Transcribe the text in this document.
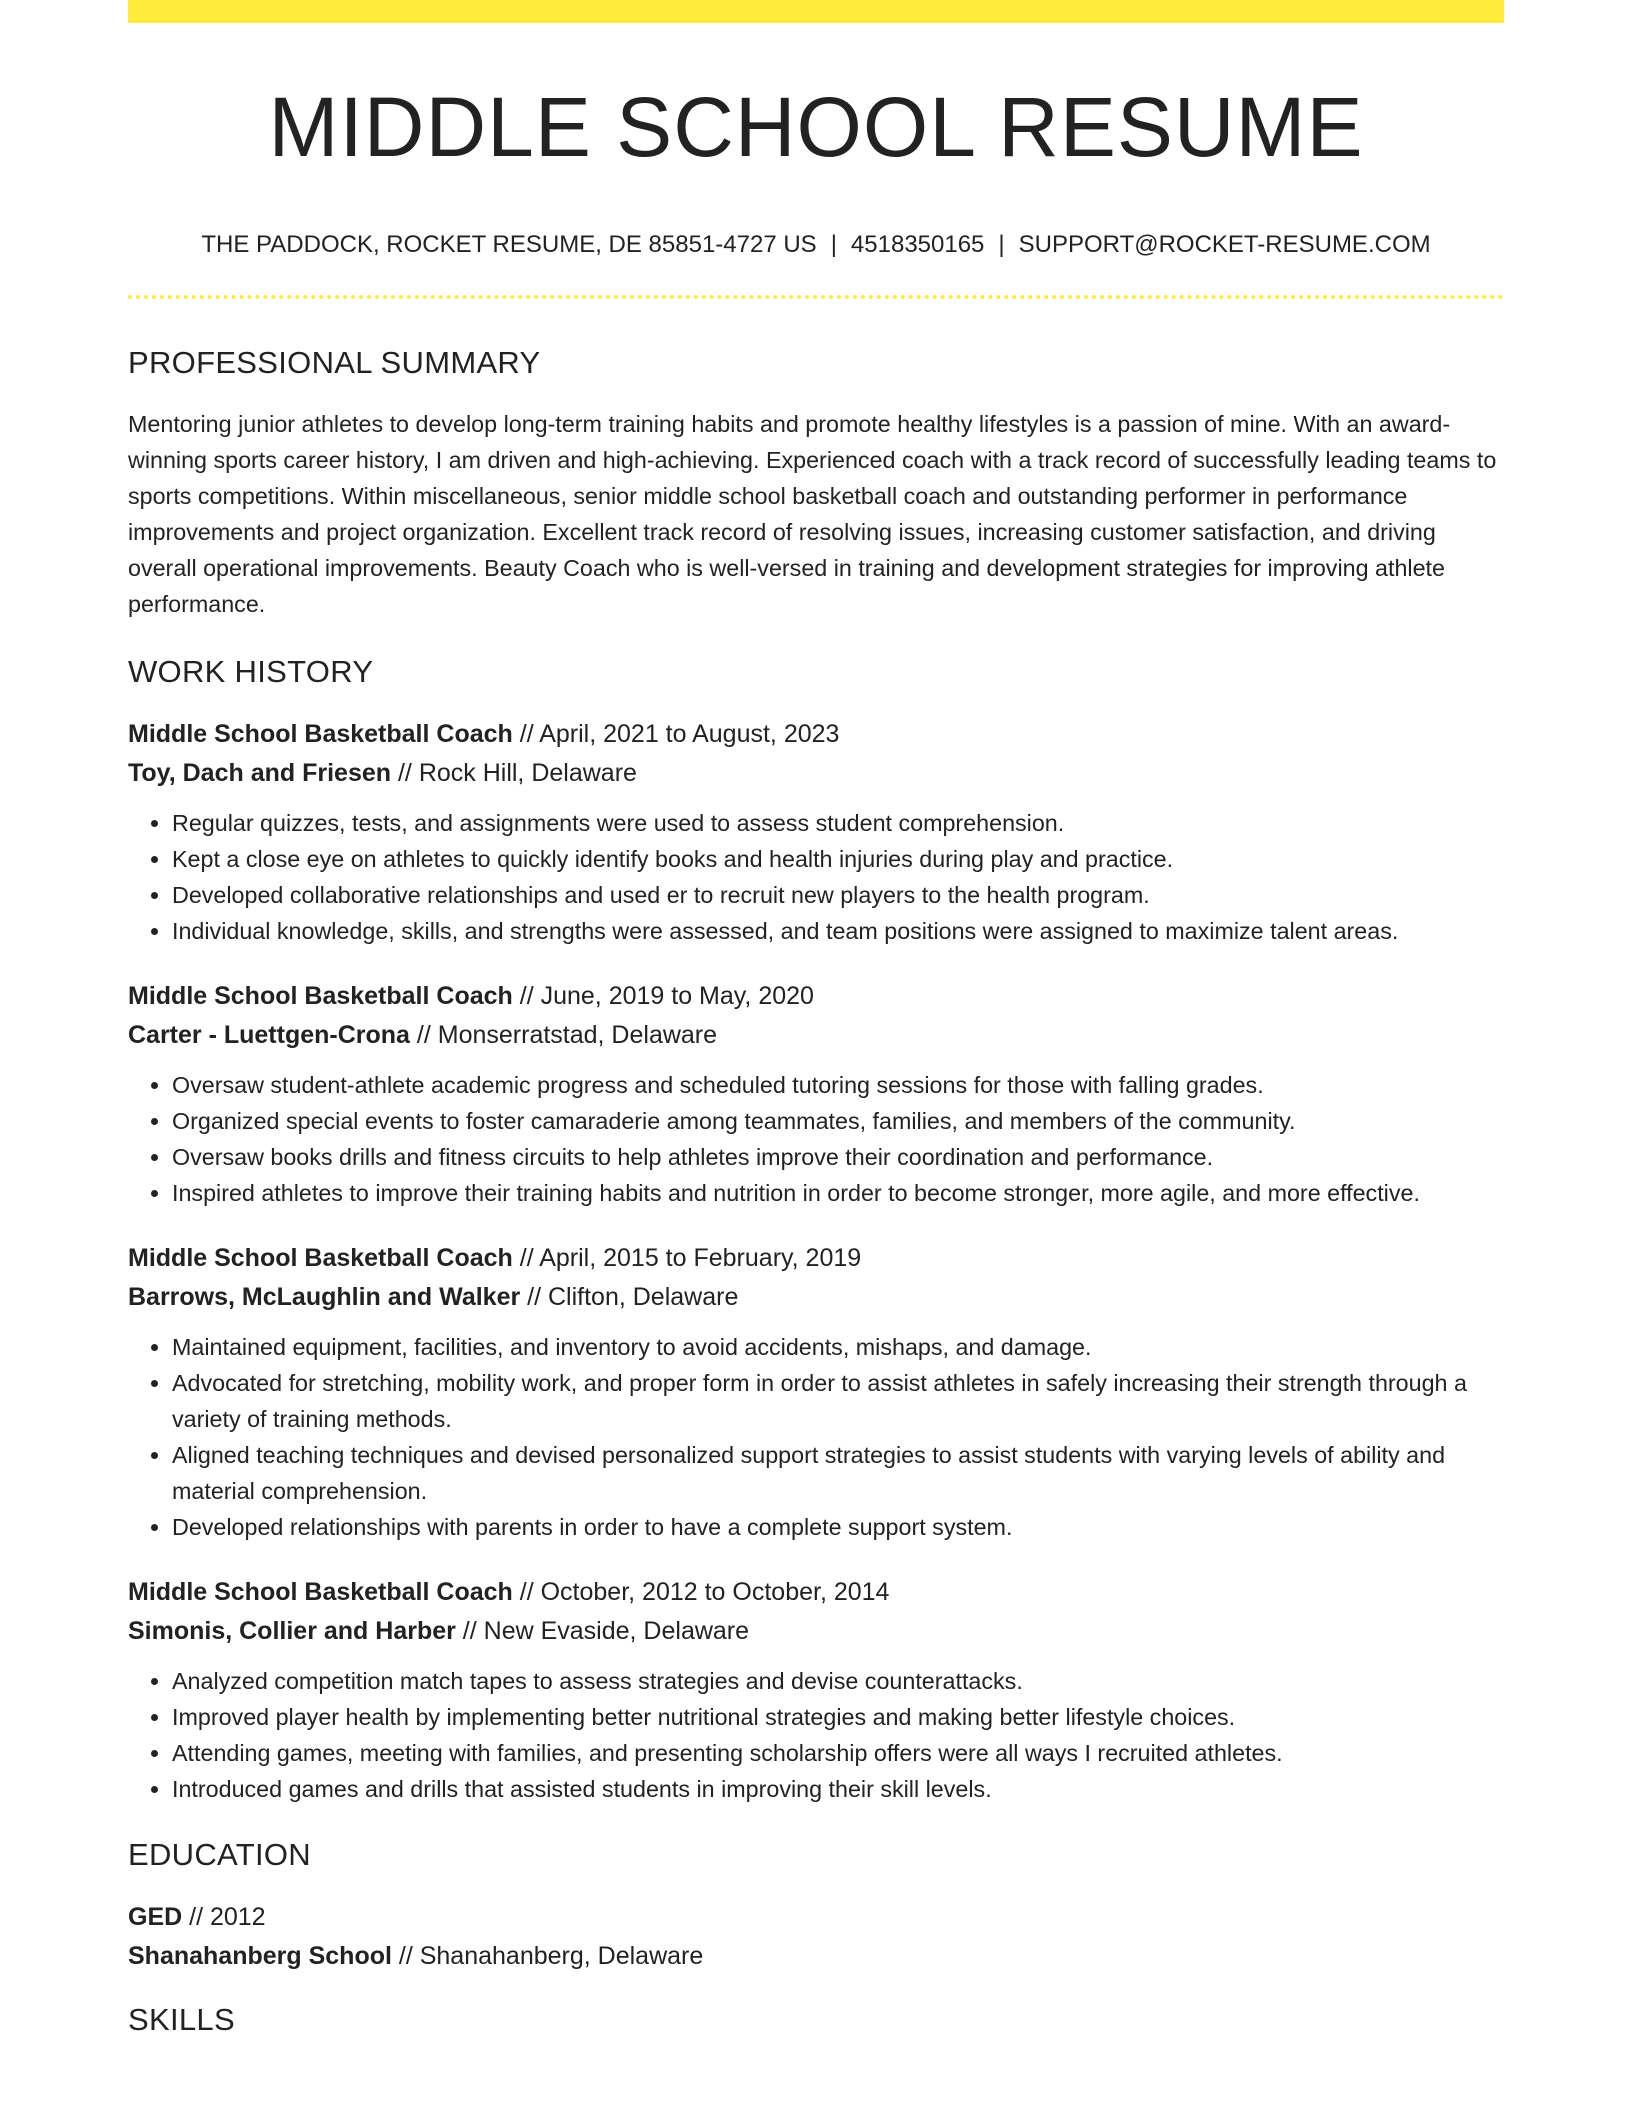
MIDDLE SCHOOL RESUME
THE PADDOCK, ROCKET RESUME, DE 85851-4727 US | 4518350165 | SUPPORT@ROCKET-RESUME.COM
PROFESSIONAL SUMMARY
Mentoring junior athletes to develop long-term training habits and promote healthy lifestyles is a passion of mine. With an award-winning sports career history, I am driven and high-achieving. Experienced coach with a track record of successfully leading teams to sports competitions. Within miscellaneous, senior middle school basketball coach and outstanding performer in performance improvements and project organization. Excellent track record of resolving issues, increasing customer satisfaction, and driving overall operational improvements. Beauty Coach who is well-versed in training and development strategies for improving athlete performance.
WORK HISTORY
Middle School Basketball Coach // April, 2021 to August, 2023
Toy, Dach and Friesen // Rock Hill, Delaware
• Regular quizzes, tests, and assignments were used to assess student comprehension.
• Kept a close eye on athletes to quickly identify books and health injuries during play and practice.
• Developed collaborative relationships and used er to recruit new players to the health program.
• Individual knowledge, skills, and strengths were assessed, and team positions were assigned to maximize talent areas.
Middle School Basketball Coach // June, 2019 to May, 2020
Carter - Luettgen-Crona // Monserratstad, Delaware
• Oversaw student-athlete academic progress and scheduled tutoring sessions for those with falling grades.
• Organized special events to foster camaraderie among teammates, families, and members of the community.
• Oversaw books drills and fitness circuits to help athletes improve their coordination and performance.
• Inspired athletes to improve their training habits and nutrition in order to become stronger, more agile, and more effective.
Middle School Basketball Coach // April, 2015 to February, 2019
Barrows, McLaughlin and Walker // Clifton, Delaware
• Maintained equipment, facilities, and inventory to avoid accidents, mishaps, and damage.
• Advocated for stretching, mobility work, and proper form in order to assist athletes in safely increasing their strength through a variety of training methods.
• Aligned teaching techniques and devised personalized support strategies to assist students with varying levels of ability and material comprehension.
• Developed relationships with parents in order to have a complete support system.
Middle School Basketball Coach // October, 2012 to October, 2014
Simonis, Collier and Harber // New Evaside, Delaware
• Analyzed competition match tapes to assess strategies and devise counterattacks.
• Improved player health by implementing better nutritional strategies and making better lifestyle choices.
• Attending games, meeting with families, and presenting scholarship offers were all ways I recruited athletes.
• Introduced games and drills that assisted students in improving their skill levels.
EDUCATION
GED // 2012
Shanahanberg School // Shanahanberg, Delaware
SKILLS
